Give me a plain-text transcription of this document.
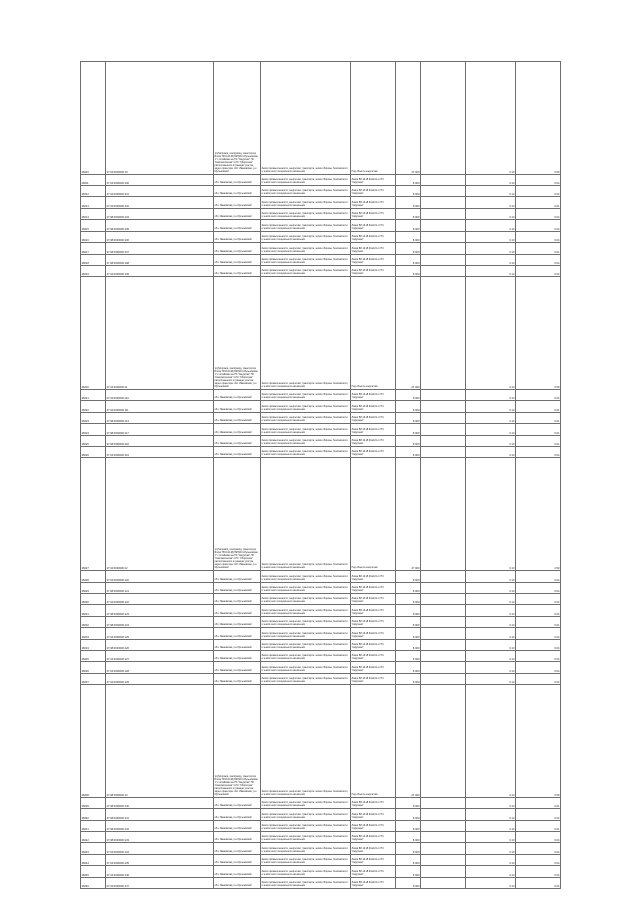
28210	27:04:0000000:10	трубопровод, газопровод, транспортер Блоки "ВЛ-110 кВ(ЛЭП)ОС-Мульновская 1" с отпайками на ПС "Амурская" ПС "Комсомольская" и ПС "Сборочная" расположенного в границах участка, адрес ориентира: обл. Ивановская, р-н Мульновский	Земли промышленности, энергетики, транспорта, земли обороны, безопасности и земли иного специального назначения	Под объекты энергетики	27 000		0.13	2.59
28211	27:04:0000000:100	обл. Ивановская, р-н Мульновский	Земли промышленности, энергетики, транспорта, земли обороны, безопасности и земли иного специального назначения	Линия ВЛ-10 кВ Ф№101 от ПС "Амурская"	8 000		0.13	0.04
28212	27:04:0000000:101	обл. Ивановская, р-н Мульновский	Земли промышленности, энергетики, транспорта, земли обороны, безопасности и земли иного специального назначения	Линия ВЛ-10 кВ Ф№101 от ПС "Амурская"	8 000		0.13	0.04
28213	27:04:0000000:102	обл. Ивановская, р-н Мульновский	Земли промышленности, энергетики, транспорта, земли обороны, безопасности и земли иного специального назначения	Линия ВЛ-10 кВ Ф№101 от ПС "Амурская"	8 000		0.13	0.01
28214	27:08:0000000:104	обл. Ивановская, р-н Мульновский	Земли промышленности, энергетики, транспорта, земли обороны, безопасности и земли иного специального назначения	Линия ВЛ-10 кВ Ф№101 от ПС "Амурская"	8 000		0.13	0.04
28215	27:08:0000000:105	обл. Ивановская, р-н Мульновский	Земли промышленности, энергетики, транспорта, земли обороны, безопасности и земли иного специального назначения	Линия ВЛ-10 кВ Ф№101 от ПС "Амурская"	8 000		0.13	0.04
28216	27:08:0000000:106	обл. Ивановская, р-н Мульновский	Земли промышленности, энергетики, транспорта, земли обороны, безопасности и земли иного специального назначения	Линия ВЛ-10 кВ Ф№101 от ПС "Амурская"	8 000		0.13	0.04
28217	27:08:0000000:107	обл. Ивановская, р-н Мульновский	Земли промышленности, энергетики, транспорта, земли обороны, безопасности и земли иного специального назначения	Линия ВЛ-10 кВ Ф№101 от ПС "Амурская"	8 000		0.13	0.01
28218	27:08:0000000:108	обл. Ивановская, р-н Мульновский	Земли промышленности, энергетики, транспорта, земли обороны, безопасности и земли иного специального назначения	Линия ВЛ-10 кВ Ф№101 от ПС "Амурская"	8 000		0.13	0.04
28219	27:04:0000000:109	обл. Ивановская, р-н Мульновский	Земли промышленности, энергетики, транспорта, земли обороны, безопасности и земли иного специального назначения	Линия ВЛ-10 кВ Ф№101 от ПС "Амурская"	8 000		0.13	0.04
28220	27:04:0000000:11	трубопровод, газопровод, транспортер Блоки "ВЛ-110 кВ(ЛЭП)ОС-Мульновская 1" с отпайками на ПС "Амурская" ПС "Комсомольская" и ПС "Сборочная" расположенного в границах участка, адрес ориентира: обл. Ивановская, р-н Мульновский	Земли промышленности, энергетики, транспорта, земли обороны, безопасности и земли иного специального назначения	Под объекты энергетики	27 000		0.13	2.59
28221	27:04:0000000:110	обл. Ивановская, р-н Мульновский	Земли промышленности, энергетики, транспорта, земли обороны, безопасности и земли иного специального назначения	Линия ВЛ-10 кВ Ф№101 от ПС "Амурская"	8 000		0.13	0.04
28222	27:04:0000000:111	обл. Ивановская, р-н Мульновский	Земли промышленности, энергетики, транспорта, земли обороны, безопасности и земли иного специального назначения	Линия ВЛ-10 кВ Ф№101 от ПС "Амурская"	8 000		0.13	0.01
28223	27:08:0000000:113	обл. Ивановская, р-н Мульновский	Земли промышленности, энергетики, транспорта, земли обороны, безопасности и земли иного специального назначения	Линия ВЛ-10 кВ Ф№101 от ПС "Амурская"	8 000		0.13	0.01
28224	27:08:0000000:117	обл. Ивановская, р-н Мульновский	Земли промышленности, энергетики, транспорта, земли обороны, безопасности и земли иного специального назначения	Линия ВЛ-10 кВ Ф№101 от ПС "Амурская"	8 000		0.13	0.01
28225	27:08:0000000:118	обл. Ивановская, р-н Мульновский	Земли промышленности, энергетики, транспорта, земли обороны, безопасности и земли иного специального назначения	Линия ВЛ-10 кВ Ф№101 от ПС "Амурская"	8 000		0.13	0.01
28226	27:04:0000000:119	обл. Ивановская, р-н Мульновский	Земли промышленности, энергетики, транспорта, земли обороны, безопасности и земли иного специального назначения	Линия ВЛ-10 кВ Ф№101 от ПС "Амурская"	8 000		0.13	0.04
28227	27:04:0000000:12	трубопровод, газопровод, транспортер Блоки "ВЛ-110 кВ(ЛЭП)ОС-Мульновская 1" с отпайками на ПС "Амурская" ПС "Комсомольская" и ПС "Сборочная" расположенного в границах участка, адрес ориентира: обл. Ивановская, р-н Мульновский	Земли промышленности, энергетики, транспорта, земли обороны, безопасности и земли иного специального назначения	Под объекты энергетики	27 000		0.13	2.59
28228	27:04:0000000:120	обл. Ивановская, р-н Мульновский	Земли промышленности, энергетики, транспорта, земли обороны, безопасности и земли иного специального назначения	Линия ВЛ-10 кВ Ф№101 от ПС "Амурская"	8 000		0.13	0.04
28229	27:08:0000000:121	обл. Ивановская, р-н Мульновский	Земли промышленности, энергетики, транспорта, земли обороны, безопасности и земли иного специального назначения	Линия ВЛ-10 кВ Ф№101 от ПС "Амурская"	8 000		0.13	0.04
28230	27:04:0000000:122	обл. Ивановская, р-н Мульновский	Земли промышленности, энергетики, транспорта, земли обороны, безопасности и земли иного специального назначения	Линия ВЛ-10 кВ Ф№101 от ПС "Амурская"	8 000		0.13	0.04
28231	27:08:0000000:123	обл. Ивановская, р-н Мульновский	Земли промышленности, энергетики, транспорта, земли обороны, безопасности и земли иного специального назначения	Линия ВЛ-10 кВ Ф№101 от ПС "Амурская"	8 000		0.13	0.04
28232	27:08:0000000:124	обл. Ивановская, р-н Мульновский	Земли промышленности, энергетики, транспорта, земли обороны, безопасности и земли иного специального назначения	Линия ВЛ-10 кВ Ф№101 от ПС "Амурская"	8 000		0.13	0.01
28233	27:04:0000000:125	обл. Ивановская, р-н Мульновский	Земли промышленности, энергетики, транспорта, земли обороны, безопасности и земли иного специального назначения	Линия ВЛ-10 кВ Ф№101 от ПС "Амурская"	8 000		0.13	0.04
28234	27:08:0000000:126	обл. Ивановская, р-н Мульновский	Земли промышленности, энергетики, транспорта, земли обороны, безопасности и земли иного специального назначения	Линия ВЛ-10 кВ Ф№101 от ПС "Амурская"	8 000		0.13	0.04
28235	27:04:0000000:127	обл. Ивановская, р-н Мульновский	Земли промышленности, энергетики, транспорта, земли обороны, безопасности и земли иного специального назначения	Линия ВЛ-10 кВ Ф№101 от ПС "Амурская"	8 000		0.13	0.04
28236	27:04:0000000:128	обл. Ивановская, р-н Мульновский	Земли промышленности, энергетики, транспорта, земли обороны, безопасности и земли иного специального назначения	Линия ВЛ-10 кВ Ф№101 от ПС "Амурская"	8 000		0.13	0.04
28237	27:04:0000000:129	обл. Ивановская, р-н Мульновский	Земли промышленности, энергетики, транспорта, земли обороны, безопасности и земли иного специального назначения	Линия ВЛ-10 кВ Ф№101 от ПС "Амурская"	8 000		0.13	0.04
28238	27:08:0000000:13	трубопровод, газопровод, транспортер Блоки "ВЛ-110 кВ(ЛЭП)ОС-Мульновская 1" с отпайками на ПС "Амурская" ПС "Комсомольская" и ПС "Сборочная" расположенного в границах участка, адрес ориентира: обл. Ивановская, р-н Мульновский	Земли промышленности, энергетики, транспорта, земли обороны, безопасности и земли иного специального назначения	Под объекты энергетики	27 000		0.13	2.59
28239	27:08:0000000:130	обл. Ивановская, р-н Мульновский	Земли промышленности, энергетики, транспорта, земли обороны, безопасности и земли иного специального назначения	Линия ВЛ-10 кВ Ф№101 от ПС "Амурская"	8 000		0.13	0.01
28240	27:08:0000000:131	обл. Ивановская, р-н Мульновский	Земли промышленности, энергетики, транспорта, земли обороны, безопасности и земли иного специального назначения	Линия ВЛ-10 кВ Ф№101 от ПС "Амурская"	8 000		0.13	0.04
28241	27:08:0000000:132	обл. Ивановская, р-н Мульновский	Земли промышленности, энергетики, транспорта, земли обороны, безопасности и земли иного специального назначения	Линия ВЛ-10 кВ Ф№101 от ПС "Амурская"	8 000		0.13	0.01
28242	27:08:0000000:133	обл. Ивановская, р-н Мульновский	Земли промышленности, энергетики, транспорта, земли обороны, безопасности и земли иного специального назначения	Линия ВЛ-10 кВ Ф№101 от ПС "Амурская"	8 000		0.13	0.04
28243	27:04:0000000:134	обл. Ивановская, р-н Мульновский	Земли промышленности, энергетики, транспорта, земли обороны, безопасности и земли иного специального назначения	Линия ВЛ-10 кВ Ф№101 от ПС "Амурская"	8 000		0.13	0.04
28244	27:04:0000000:135	обл. Ивановская, р-н Мульновский	Земли промышленности, энергетики, транспорта, земли обороны, безопасности и земли иного специального назначения	Линия ВЛ-10 кВ Ф№101 от ПС "Амурская"	8 000		0.13	0.04
28245	27:04:0000000:136	обл. Ивановская, р-н Мульновский	Земли промышленности, энергетики, транспорта, земли обороны, безопасности и земли иного специального назначения	Линия ВЛ-10 кВ Ф№101 от ПС "Амурская"	8 000		0.13	0.04
28246	27:04:0000000:137	обл. Ивановская, р-н Мульновский	Земли промышленности, энергетики, транспорта, земли обороны, безопасности и земли иного специального назначения	Линия ВЛ-10 кВ Ф№101 от ПС "Амурская"	8 000		0.13	0.04
